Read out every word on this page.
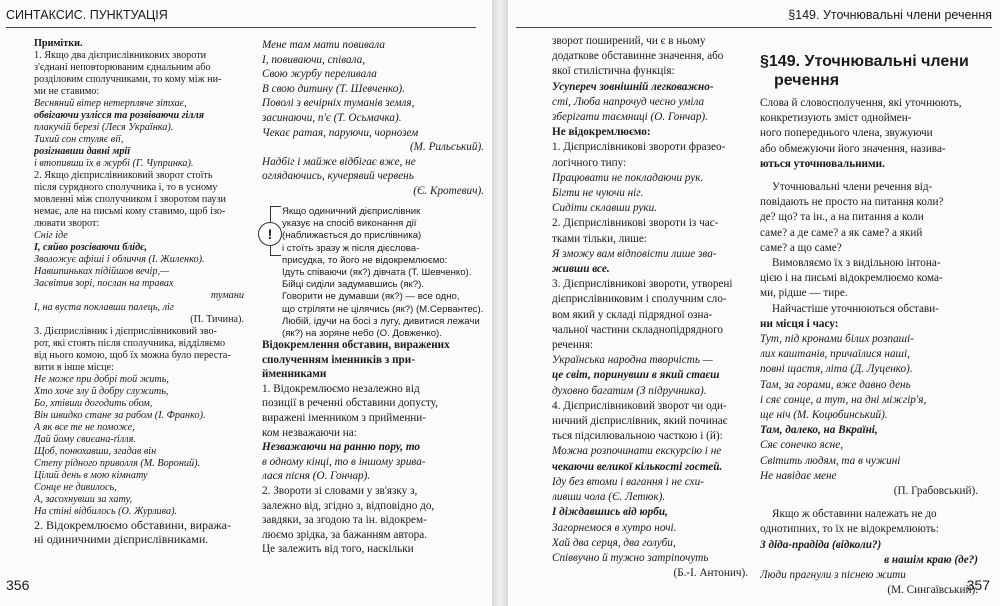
СИНТАКСИС. ПУНКТУАЦІЯ
Примітки.
1. Якщо два дієприслівникових звороти
з'єднані неповторюваним єднальним або
розділовим сполучниками, то кому між ни-
ми не ставимо:
Весняний вітер нетерпляче зітхає,
обвігаючи узлісся та розвіваючи гілля
плакучій березі (Леся Українка).
Тихий сон стуляє вії,
розігнавши давні мрії
і втопивши їх в журбі (Г. Чупринка).
2. Якщо дієприслівниковий зворот стоїть
після сурядного сполучника і, то в усному
мовленні між сполучником і зворотом паузи
немає, але на письмі кому ставимо, щоб ізо-
лювати зворот:
Сніг іде
І, сяйво розсіваючи блідє,
Зволожує афіші і обличчя (І. Жиленко).
Навшпиньках підійшов вечір,—
Засвітив зорі, послан на травах
тумани
І, на вуста поклавши палець, ліг
(П. Тичина).
3. Дієприслівник і дієприслівниковий зво-
рот, які стоять після сполучника, відділяємо
від нього комою, щоб їх можна було переста-
вити в інше місце:
Не може при добрі той жить,
Хто хоче злу й добру служить,
Бо, хтівши догодить обом,
Він швидко стане за рабом (І. Франко).
А як все те не поможе,
Дай йому свиєана-ґілля.
Щоб, понюхавши, згадав він
Степу рідного приволля (М. Вороний).
Цілий день в мою кімнату
Сонце не дивилось,
А, засохнувши за хату,
На стіні відбилось (О. Журлива).
2. Відокремлюємо обставини, виража-
ні одиничними дієприслівниками.
Мене там мати повивала
І, повиваючи, співала,
Свою журбу переливала
В свою дитину (Т. Шевченко).
Поволі з вечірніх туманів земля,
засинаючи, п'є (Т. Осьмачка).
Чекає ратая, паруючи, чорнозем
(М. Рильський).
Надбіг і майже відбігає вже, не
оглядаючись, кучерявий червень
(Є. Кротевич).
!
Якщо одиничний дієприслівник
указує на спосіб виконання дії
(наближається до прислівника)
і стоїть зразу ж після дієслова-
присудка, то його не відокремлюємо:
Ідуть співаючи (як?) дівчата (Т. Шевченко).
Бійці сиділи задумавшись (як?).
Говорити не думавши (як?) — все одно,
що стріляти не цілячись (як?) (М.Сервантес).
Любій, ідучи на босі з лугу, дивитися лежачи
(як?) на зоряне небо (О. Довженко).
Відокремлення обставин, виражених
сполученням іменників з при-
йменниками
1. Відокремлюємо незалежно від
позиції в реченні обставини допусту,
виражені іменником з прийменни-
ком незважаючи на:
Незважаючи на ранню пору, то
в одному кінці, то в іншому зрива-
лася пісня (О. Гончар).
2. Звороти зі словами у зв'язку з,
залежно від, згідно з, відповідно до,
завдяки, за згодою та ін. відокрем-
люємо зрідка, за бажанням автора.
Це залежить від того, наскільки
356
§149. Уточнювальні члени речення
зворот поширений, чи є в ньому
додаткове обставинне значення, або
якої стилістична функція:
Усупереч зовнішній легковажно-
сті, Люба напрочуд чесно уміла
зберігати таємниці (О. Гончар).
Не відокремлюємо:
1. Дієприслівникові звороти фразео-
логічного типу:
Працювати не покладаючи рук.
Бігти не чуючи ніг.
Сидіти склавши руки.
2. Дієприслівникові звороти із час-
тками тільки, лише:
Я зможу вам відповісти лише зва-
живши все.
3. Дієприслівникові звороти, утворені
дієприслівниковим і сполучним сло-
вом який у складі підрядної озна-
чальної частини складнопідрядного
речення:
Українська народна творчість —
це світ, поринувши в який стаєш
духовно багатим (З підручника).
4. Дієприслівниковий зворот чи оди-
ничний дієприслівник, який починає
ться підсилювальною часткою і (й):
Можна розпочинати екскурсію і не
чекаючи великої кількості гостей.
Іду без втоми і вагання і не схи-
ливши чола (Є. Летюк).
І діждавшись від юрби,
Загорнемося в хутро ночі.
Хай два серця, два голуби,
Співвучно й тужно затріпочуть
(Б.-І. Антонич).
§149. Уточнювальні члени
речення
Слова й словосполучення, які уточнюють,
конкретизують зміст одноймен-
ного попереднього члена, звужуючи
або обмежуючи його значення, назива-
ються уточнювальними.
Уточнювальні члени речення від-
повідають не просто на питання коли?
де? що? та ін., а на питання а коли
саме? а де саме? а як саме? а який
саме? а що саме?
Вимовляємо їх з видільною інтона-
цією і на письмі відокремлюємо кома-
ми, рідше — тире.
Найчастіше уточнюються обстави-
ни місця і часу:
Тут, під кронами білих розпаші-
лих каштанів, причаїлися наші,
повні щастя, літа (Д. Луценко).
Там, за горами, вже давно день
і сяє сонце, а тут, на дні міжгір'я,
ще ніч (М. Коцюбинський).
Там, далеко, на Вкраїні,
Сяє сонечко ясне,
Світить людям, та в чужині
Не навідає мене
(П. Грабовський).
Якщо ж обставини належать не до
однотипних, то їх не відокремлюють:
З діда-прадіда (відколи?)
в нашім краю (де?)
Люди прагнули з піснею жити
(М. Сингаївський).
357
